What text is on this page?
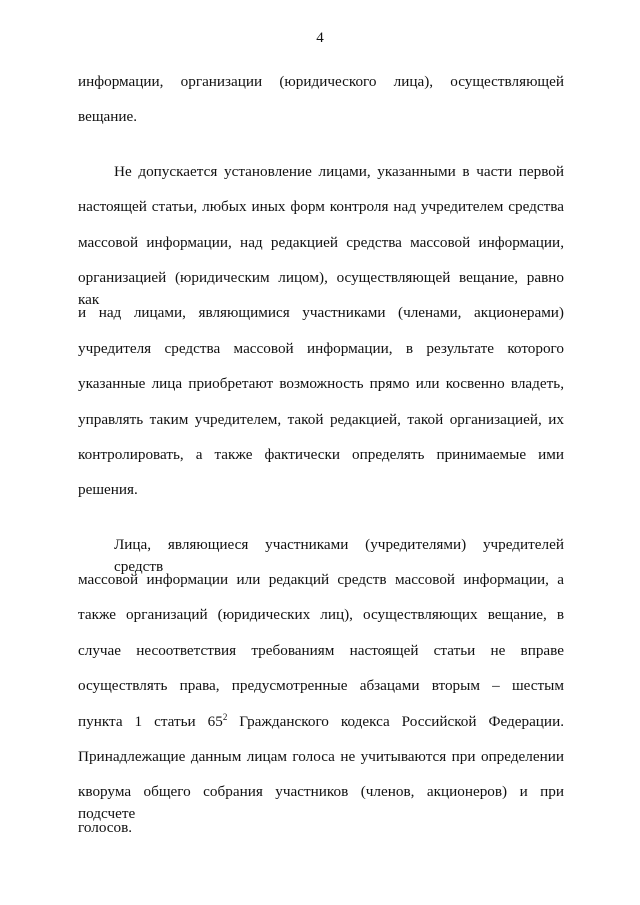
4
информации, организации (юридического лица), осуществляющей
вещание.
Не допускается установление лицами, указанными в части первой
настоящей статьи, любых иных форм контроля над учредителем средства
массовой информации, над редакцией средства массовой информации,
организацией (юридическим лицом), осуществляющей вещание, равно как
и над лицами, являющимися участниками (членами, акционерами)
учредителя средства массовой информации, в результате которого
указанные лица приобретают возможность прямо или косвенно владеть,
управлять таким учредителем, такой редакцией, такой организацией, их
контролировать, а также фактически определять принимаемые ими
решения.
Лица, являющиеся участниками (учредителями) учредителей средств
массовой информации или редакций средств массовой информации, а
также организаций (юридических лиц), осуществляющих вещание, в
случае несоответствия требованиям настоящей статьи не вправе
осуществлять права, предусмотренные абзацами вторым – шестым
пункта 1 статьи $65^2$ Гражданского кодекса Российской Федерации.
Принадлежащие данным лицам голоса не учитываются при определении
кворума общего собрания участников (членов, акционеров) и при подсчете
голосов.
